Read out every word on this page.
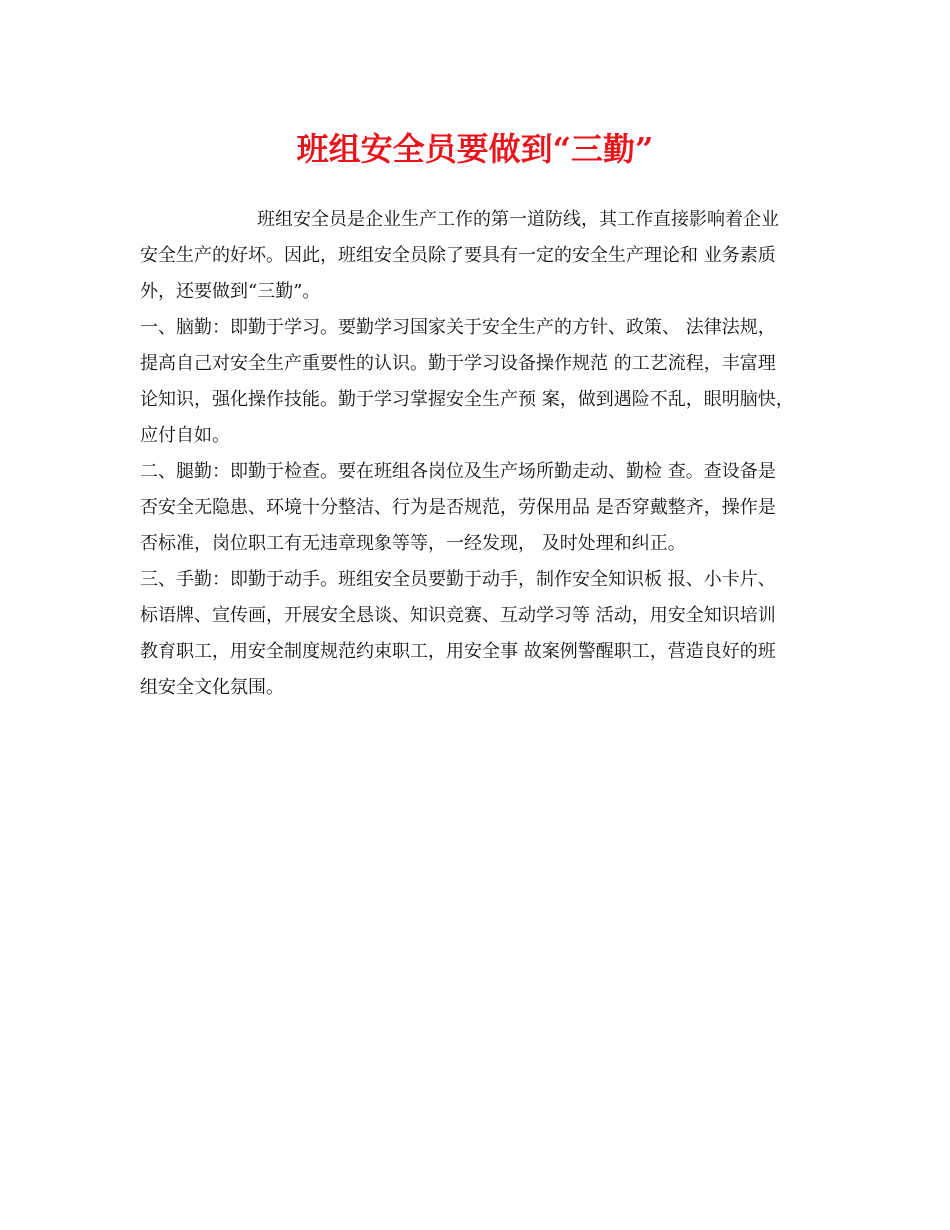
班组安全员要做到“三勤”
班组安全员是企业生产工作的第一道防线，其工作直接影响着企业
安全生产的好坏。因此，班组安全员除了要具有一定的安全生产理论和 业务素质
外，还要做到“三勤”。
一、脑勤：即勤于学习。要勤学习国家关于安全生产的方针、政策、 法律法规，
提高自己对安全生产重要性的认识。勤于学习设备操作规范 的工艺流程，丰富理
论知识，强化操作技能。勤于学习掌握安全生产预 案，做到遇险不乱，眼明脑快，
应付自如。
二、腿勤：即勤于检查。要在班组各岗位及生产场所勤走动、勤检 查。查设备是
否安全无隐患、环境十分整洁、行为是否规范，劳保用品 是否穿戴整齐，操作是
否标准，岗位职工有无违章现象等等，一经发现， 及时处理和纠正。
三、手勤：即勤于动手。班组安全员要勤于动手，制作安全知识板 报、小卡片、
标语牌、宣传画，开展安全恳谈、知识竞赛、互动学习等 活动，用安全知识培训
教育职工，用安全制度规范约束职工，用安全事 故案例警醒职工，营造良好的班
组安全文化氛围。
